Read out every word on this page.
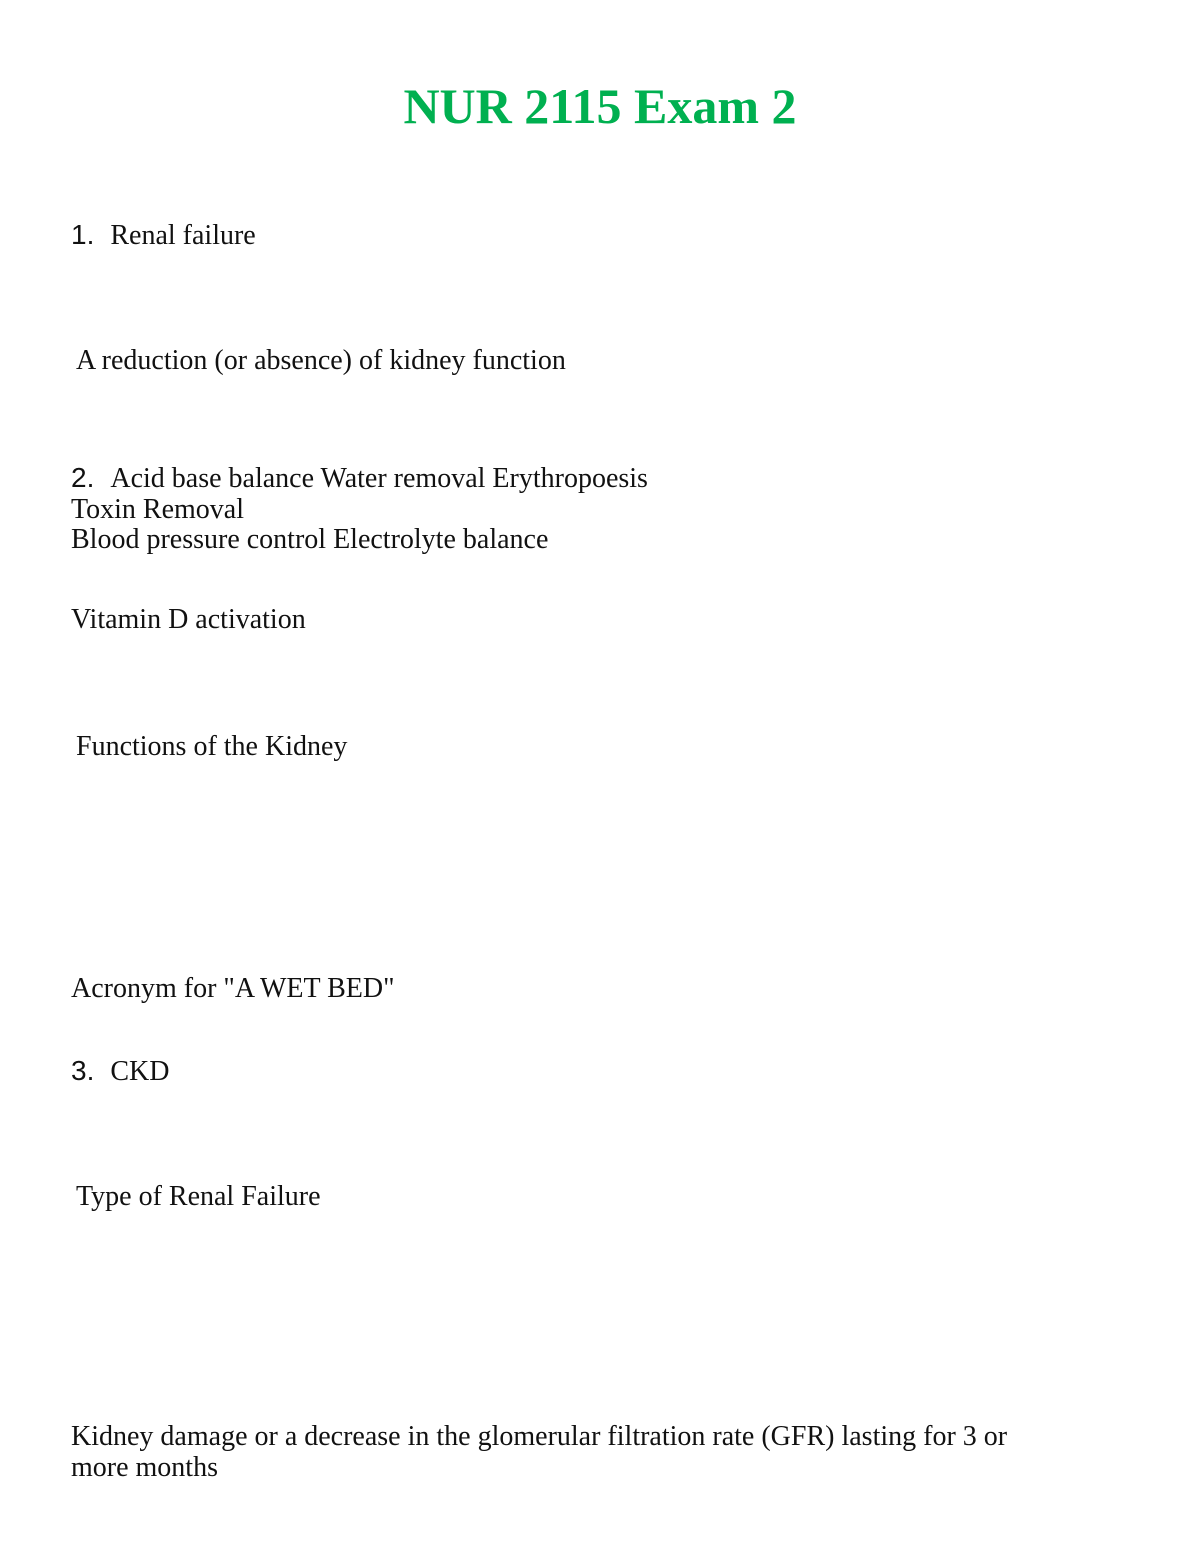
NUR 2115 Exam 2
1. Renal failure
A reduction (or absence) of kidney function
2. Acid base balance Water removal Erythropoesis
Toxin Removal
Blood pressure control Electrolyte balance
Vitamin D activation
Functions of the Kidney
Acronym for "A WET BED"
3. CKD
Type of Renal Failure
Kidney damage or a decrease in the glomerular filtration rate (GFR) lasting for 3 or more months
